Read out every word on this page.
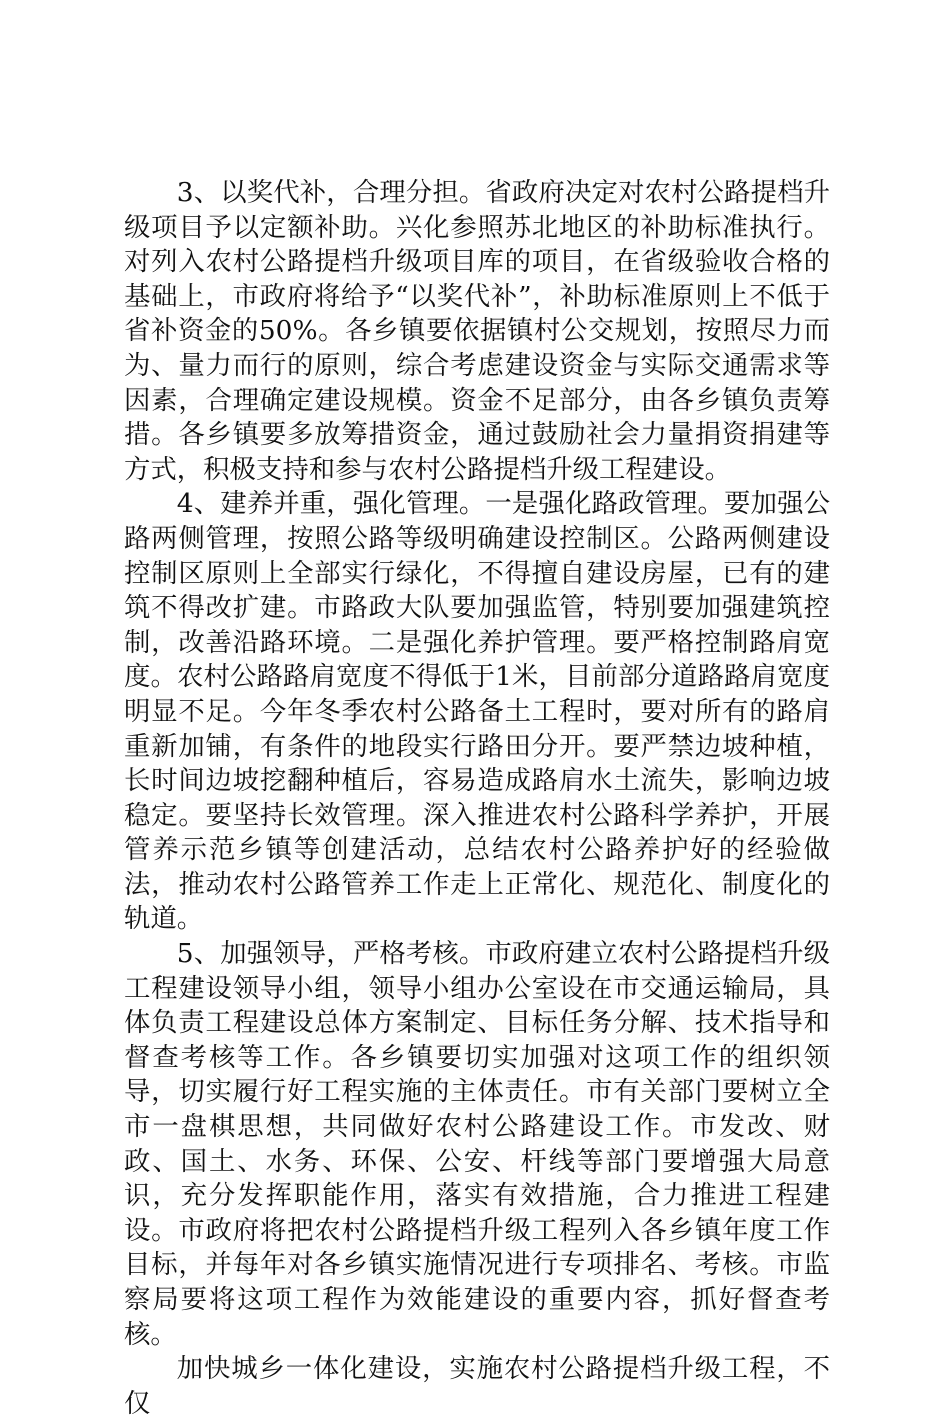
3、以奖代补，合理分担。省政府决定对农村公路提档升级项目予以定额补助。兴化参照苏北地区的补助标准执行。对列入农村公路提档升级项目库的项目，在省级验收合格的基础上，市政府将给予“以奖代补”，补助标准原则上不低于省补资金的50%。各乡镇要依据镇村公交规划，按照尽力而为、量力而行的原则，综合考虑建设资金与实际交通需求等因素，合理确定建设规模。资金不足部分，由各乡镇负责筹措。各乡镇要多放筹措资金，通过鼓励社会力量捐资捐建等方式，积极支持和参与农村公路提档升级工程建设。

4、建养并重，强化管理。一是强化路政管理。要加强公路两侧管理，按照公路等级明确建设控制区。公路两侧建设控制区原则上全部实行绿化，不得擅自建设房屋，已有的建筑不得改扩建。市路政大队要加强监管，特别要加强建筑控制，改善沿路环境。二是强化养护管理。要严格控制路肩宽度。农村公路路肩宽度不得低于1米，目前部分道路路肩宽度明显不足。今年冬季农村公路备土工程时，要对所有的路肩重新加铺，有条件的地段实行路田分开。要严禁边坡种植，长时间边坡挖翻种植后，容易造成路肩水土流失，影响边坡稳定。要坚持长效管理。深入推进农村公路科学养护，开展管养示范乡镇等创建活动，总结农村公路养护好的经验做法，推动农村公路管养工作走上正常化、规范化、制度化的轨道。

5、加强领导，严格考核。市政府建立农村公路提档升级工程建设领导小组，领导小组办公室设在市交通运输局，具体负责工程建设总体方案制定、目标任务分解、技术指导和督查考核等工作。各乡镇要切实加强对这项工作的组织领导，切实履行好工程实施的主体责任。市有关部门要树立全市一盘棋思想，共同做好农村公路建设工作。市发改、财政、国土、水务、环保、公安、杆线等部门要增强大局意识，充分发挥职能作用，落实有效措施，合力推进工程建设。市政府将把农村公路提档升级工程列入各乡镇年度工作目标，并每年对各乡镇实施情况进行专项排名、考核。市监察局要将这项工程作为效能建设的重要内容，抓好督查考核。

加快城乡一体化建设，实施农村公路提档升级工程，不仅
